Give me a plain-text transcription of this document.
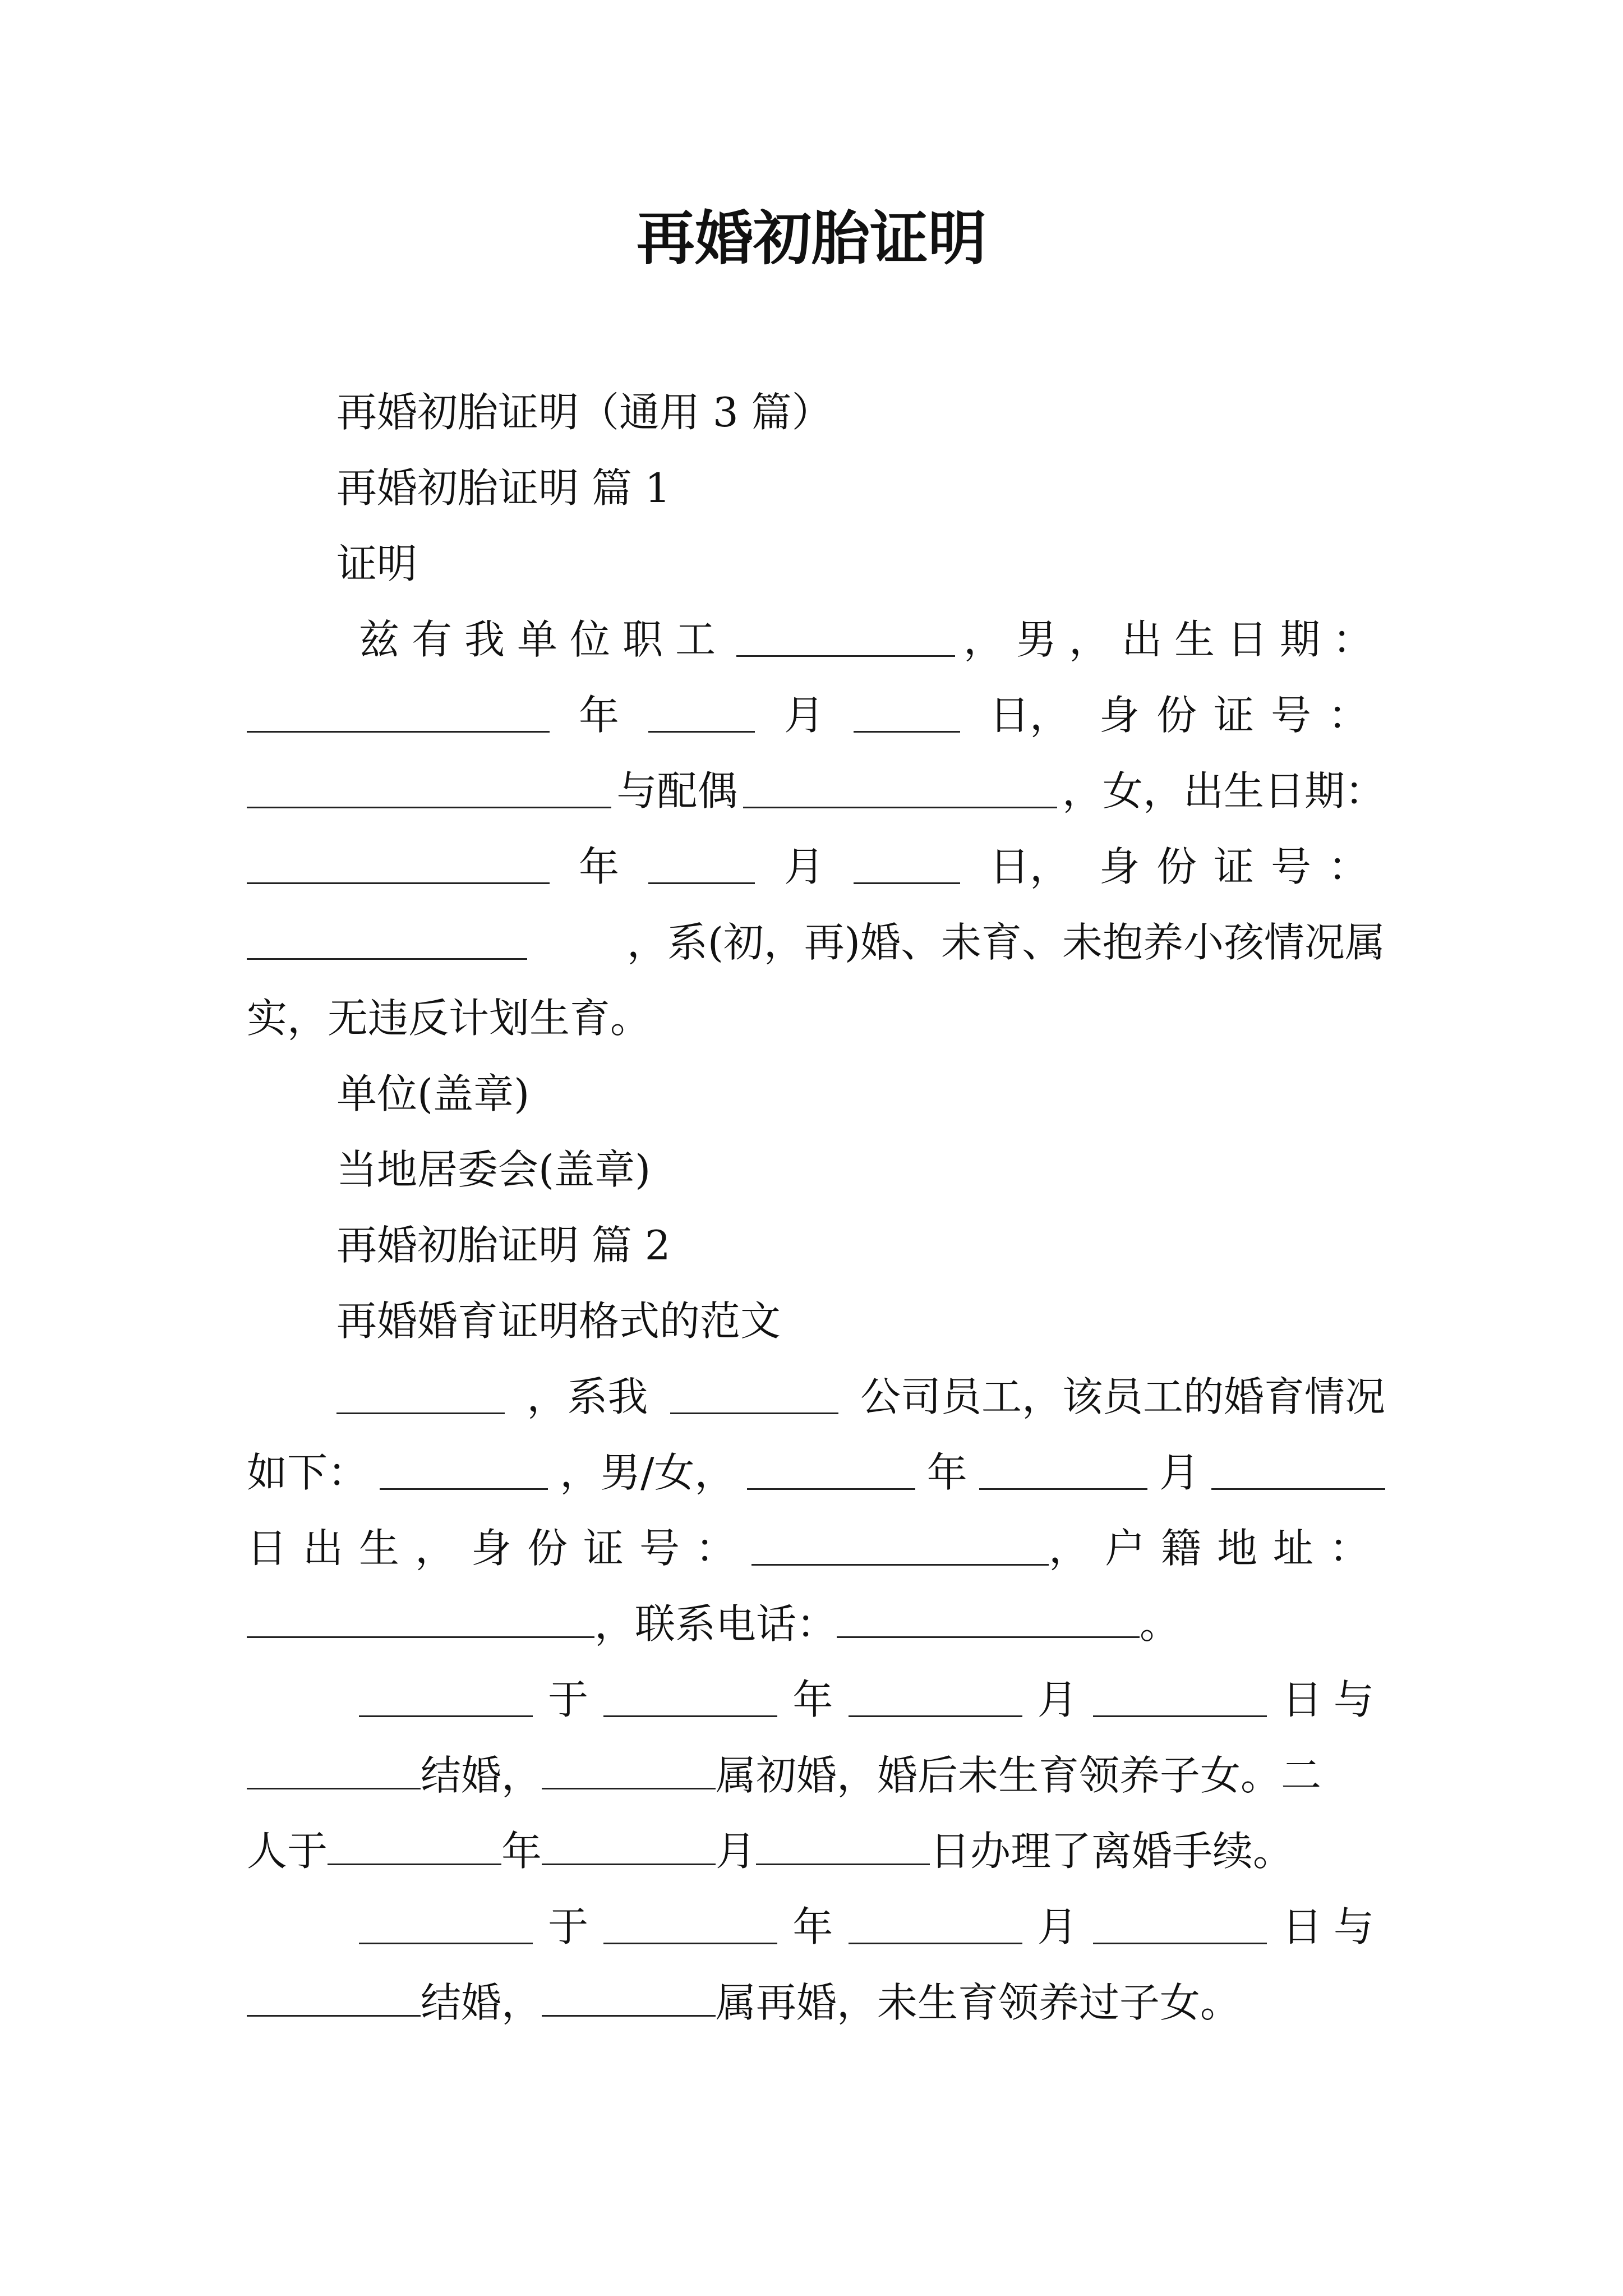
再婚初胎证明
再婚初胎证明（通用 3 篇）
再婚初胎证明 篇 1
证明
兹有我单位职工	，男，出生日期：
年	月	日， 身份证号：
与配偶	，女，出生日期：
年	月	日， 身份证号：
，系(初，再)婚、未育、未抱养小孩情况属
实，无违反计划生育。
单位(盖章)
当地居委会(盖章)
再婚初胎证明 篇 2
再婚婚育证明格式的范文
，系我	公司员工，该员工的婚育情况
如下：	，男/女，	年	月
日出生，身份证号：	，户籍地址：
，联系电话：	。
于	年	月	日与
结婚，	属初婚，婚后未生育领养子女。二
人于	年	月	日办理了离婚手续。
于	年	月	日与
结婚，	属再婚，未生育领养过子女。
